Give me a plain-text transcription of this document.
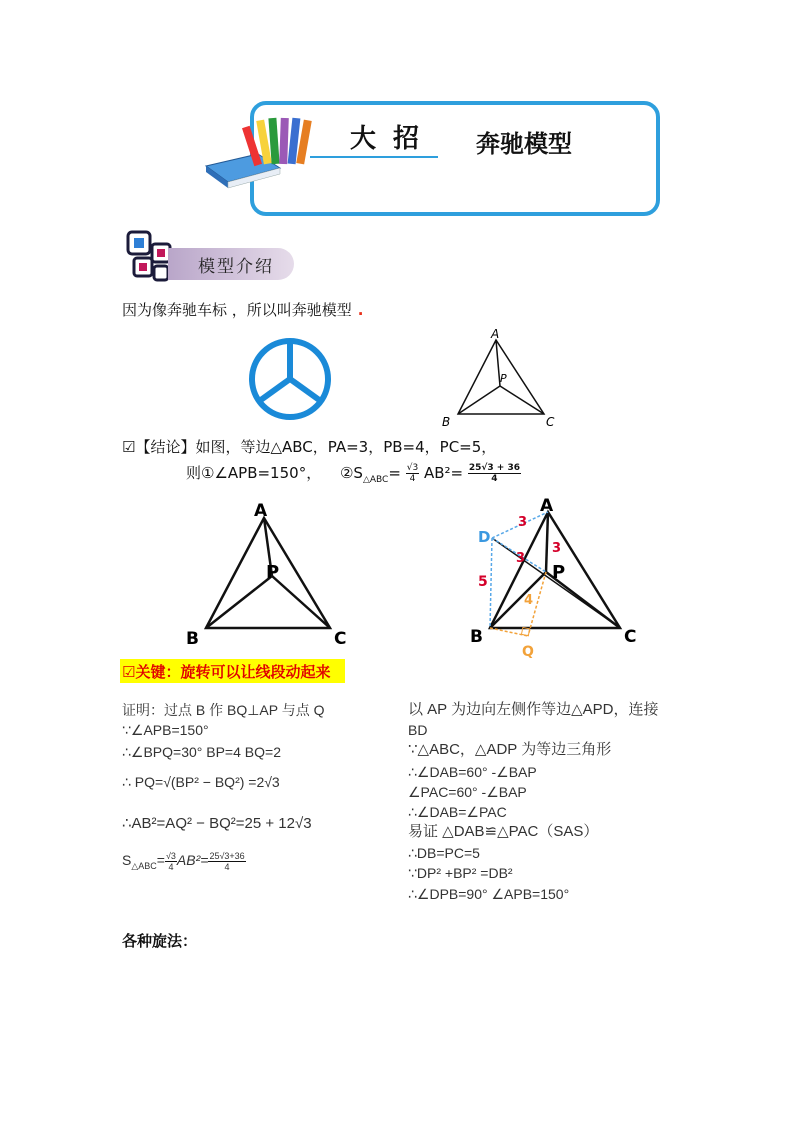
大 招 奔驰模型
模型介绍
因为像奔驰车标 ，所以叫奔驰模型 .
A
B	C
P
☑【结论】如图，等边△ABC，PA=3，PB=4，PC=5，
则①∠APB=150°， $②S_{\triangle ABC}= \frac{√3}{4} AB^2= \frac{25√3 + 36}{4}$
A
B	C
P
A
B	C
P
D
Q
3
3
3
5
4
☑关键：旋转可以让线段动起来
证明：过点 B 作 BQ⊥AP 与点 Q
∵∠APB=150°
∴∠BPQ=30° BP=4 BQ=2
∴ PQ=√(BP² − BQ²) =2√3
∴AB²=AQ² − BQ²=25 + 12√3
$S_{\triangle ABC}= \frac{√3}{4} AB^2= \frac{25√3+36}{4}$
以 AP 为边向左侧作等边△APD，连接
BD
∵△ABC，△ADP 为等边三角形
∴∠DAB=60° -∠BAP
∠PAC=60° -∠BAP
∴∠DAB=∠PAC
易证 △DAB≌△PAC（SAS）
∴DB=PC=5
∵DP² +BP² =DB²
∴∠DPB=90° ∠APB=150°
各种旋法：
